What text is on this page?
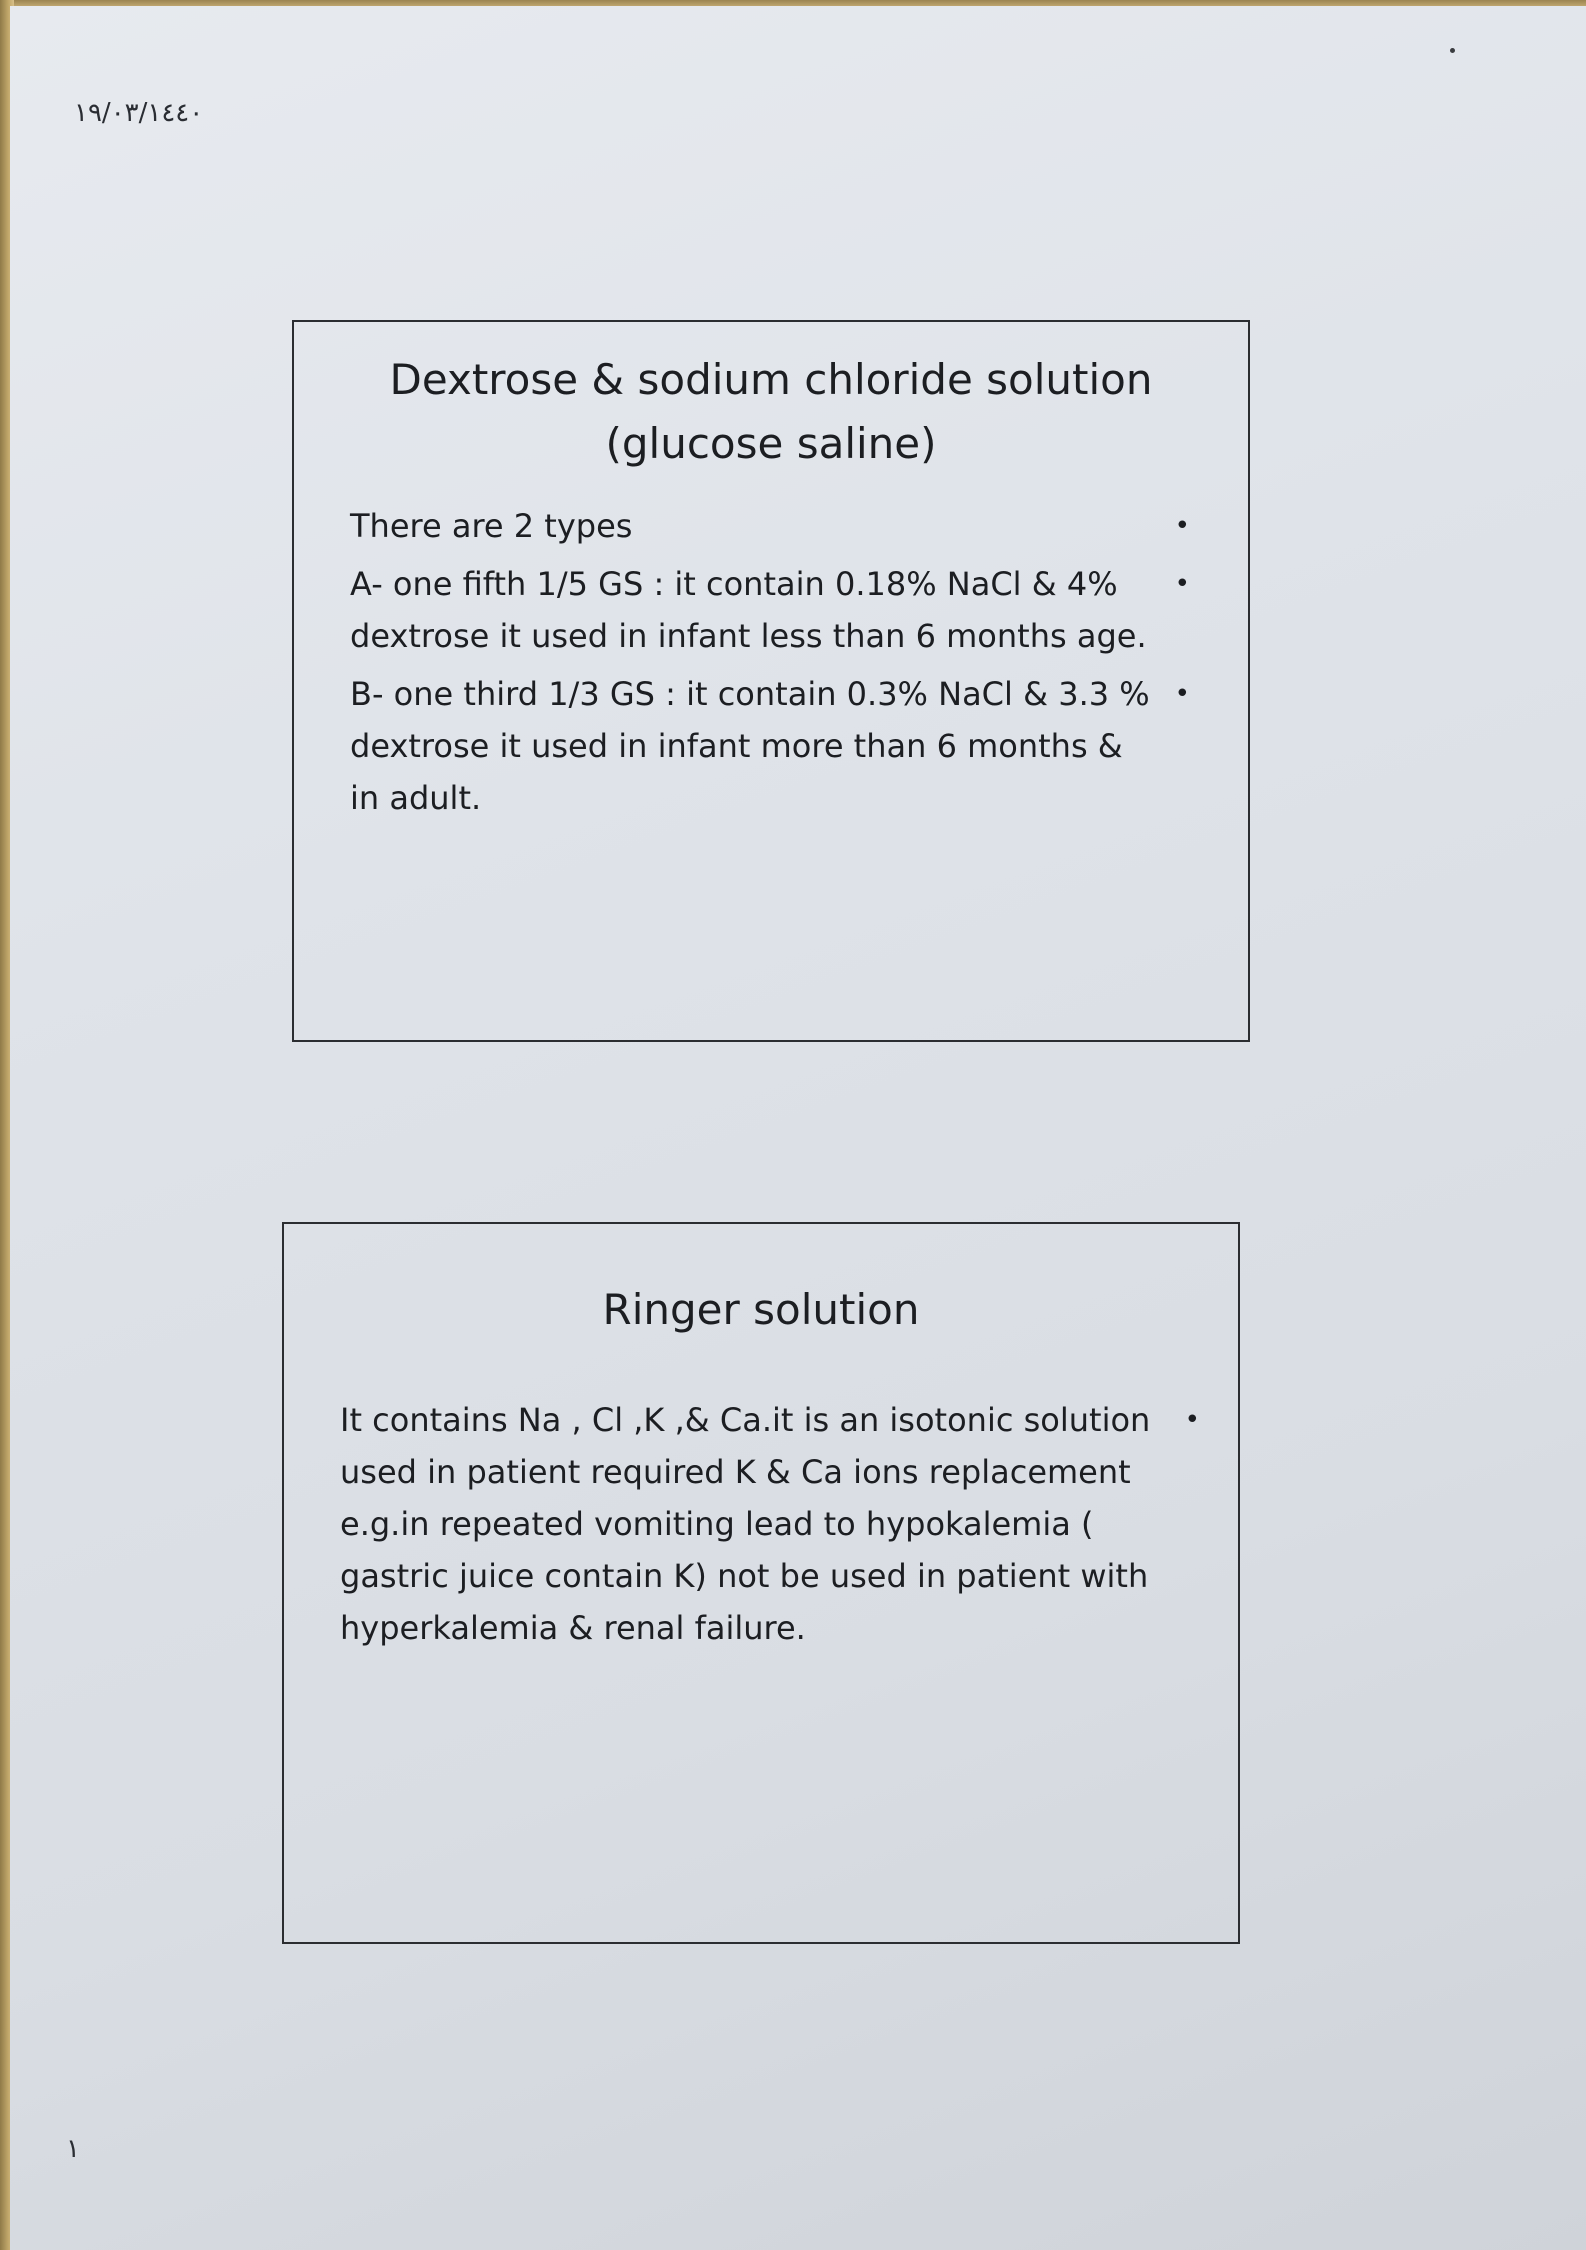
١٩/٠٣/١٤٤٠
Dextrose & sodium chloride solution
(glucose saline)
There are 2 types	•
A- one fifth 1/5 GS : it contain 0.18% NaCl & 4% dextrose it used in infant less than 6 months age.
•
B- one third 1/3 GS : it contain 0.3% NaCl & 3.3 % dextrose it used in infant more than 6 months & in adult.
•
Ringer solution
It contains Na , Cl ,K ,& Ca.it is an isotonic solution used in patient required K & Ca ions replacement e.g.in repeated vomiting lead to hypokalemia ( gastric juice contain K) not be used in patient with hyperkalemia & renal failure.
•
١
